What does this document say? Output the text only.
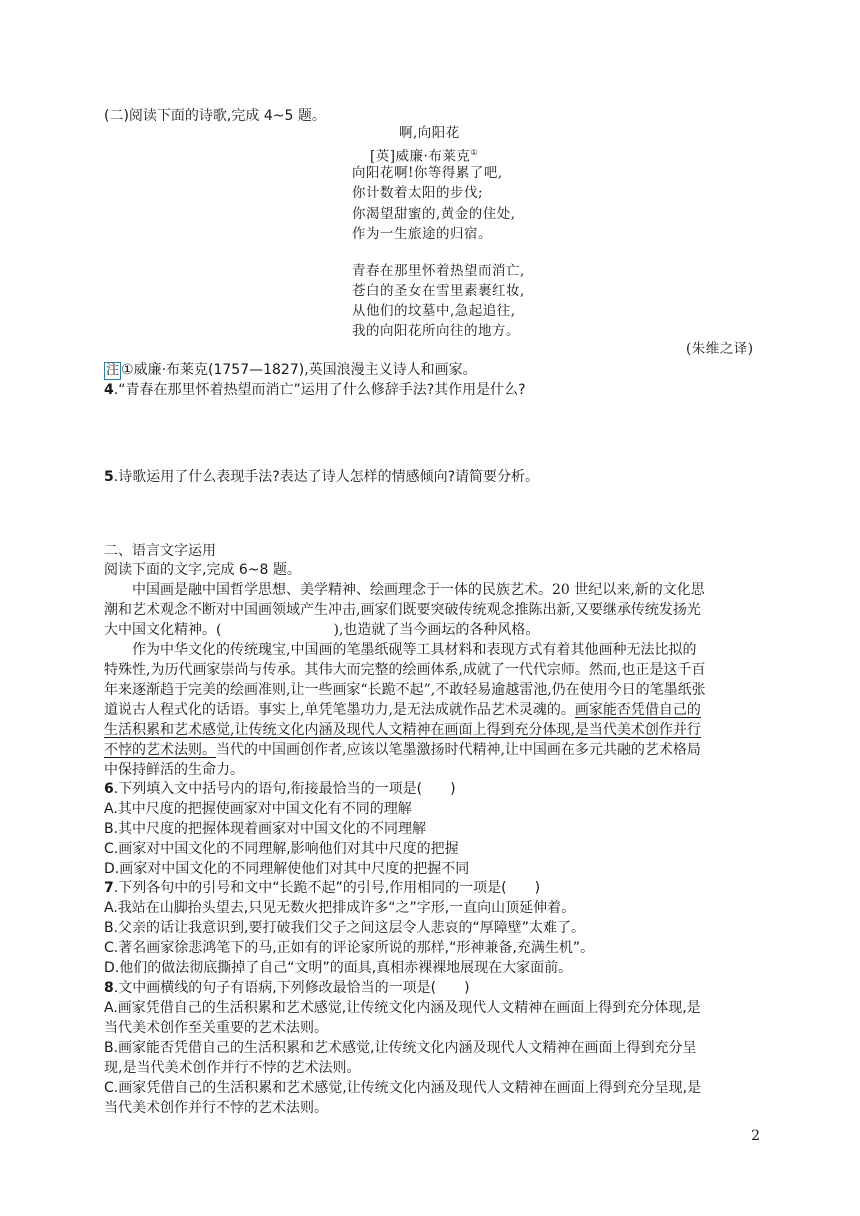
(二)阅读下面的诗歌,完成 4~5 题。
啊,向阳花
[英]威廉·布莱克①
向阳花啊!你等得累了吧,
你计数着太阳的步伐;
你渴望甜蜜的,黄金的住处,
作为一生旅途的归宿。
青春在那里怀着热望而消亡,
苍白的圣女在雪里素裹红妆,
从他们的坟墓中,急起追往,
我的向阳花所向往的地方。
(朱维之译)
注 ①威廉·布莱克(1757—1827),英国浪漫主义诗人和画家。
4.“青春在那里怀着热望而消亡”运用了什么修辞手法?其作用是什么?
5.诗歌运用了什么表现手法?表达了诗人怎样的情感倾向?请简要分析。
二、语言文字运用
阅读下面的文字,完成 6~8 题。
中国画是融中国哲学思想、美学精神、绘画理念于一体的民族艺术。20 世纪以来,新的文化思
潮和艺术观念不断对中国画领域产生冲击,画家们既要突破传统观念推陈出新,又要继承传统发扬光
大中国文化精神。(　　　　　　　　),也造就了当今画坛的各种风格。
作为中华文化的传统瑰宝,中国画的笔墨纸砚等工具材料和表现方式有着其他画种无法比拟的
特殊性,为历代画家崇尚与传承。其伟大而完整的绘画体系,成就了一代代宗师。然而,也正是这千百
年来逐渐趋于完美的绘画准则,让一些画家“长跪不起”,不敢轻易逾越雷池,仍在使用今日的笔墨纸张
道说古人程式化的话语。事实上,单凭笔墨功力,是无法成就作品艺术灵魂的。画家能否凭借自己的
生活积累和艺术感觉,让传统文化内涵及现代人文精神在画面上得到充分体现,是当代美术创作并行
不悖的艺术法则。当代的中国画创作者,应该以笔墨激扬时代精神,让中国画在多元共融的艺术格局
中保持鲜活的生命力。
6.下列填入文中括号内的语句,衔接最恰当的一项是(　　)
A.其中尺度的把握使画家对中国文化有不同的理解
B.其中尺度的把握体现着画家对中国文化的不同理解
C.画家对中国文化的不同理解,影响他们对其中尺度的把握
D.画家对中国文化的不同理解使他们对其中尺度的把握不同
7.下列各句中的引号和文中“长跪不起”的引号,作用相同的一项是(　　)
A.我站在山脚抬头望去,只见无数火把排成许多“之”字形,一直向山顶延伸着。
B.父亲的话让我意识到,要打破我们父子之间这层令人悲哀的“厚障壁”太难了。
C.著名画家徐悲鸿笔下的马,正如有的评论家所说的那样,“形神兼备,充满生机”。
D.他们的做法彻底撕掉了自己“文明”的面具,真相赤裸裸地展现在大家面前。
8.文中画横线的句子有语病,下列修改最恰当的一项是(　　)
A.画家凭借自己的生活积累和艺术感觉,让传统文化内涵及现代人文精神在画面上得到充分体现,是
当代美术创作至关重要的艺术法则。
B.画家能否凭借自己的生活积累和艺术感觉,让传统文化内涵及现代人文精神在画面上得到充分呈
现,是当代美术创作并行不悖的艺术法则。
C.画家凭借自己的生活积累和艺术感觉,让传统文化内涵及现代人文精神在画面上得到充分呈现,是
当代美术创作并行不悖的艺术法则。
2
